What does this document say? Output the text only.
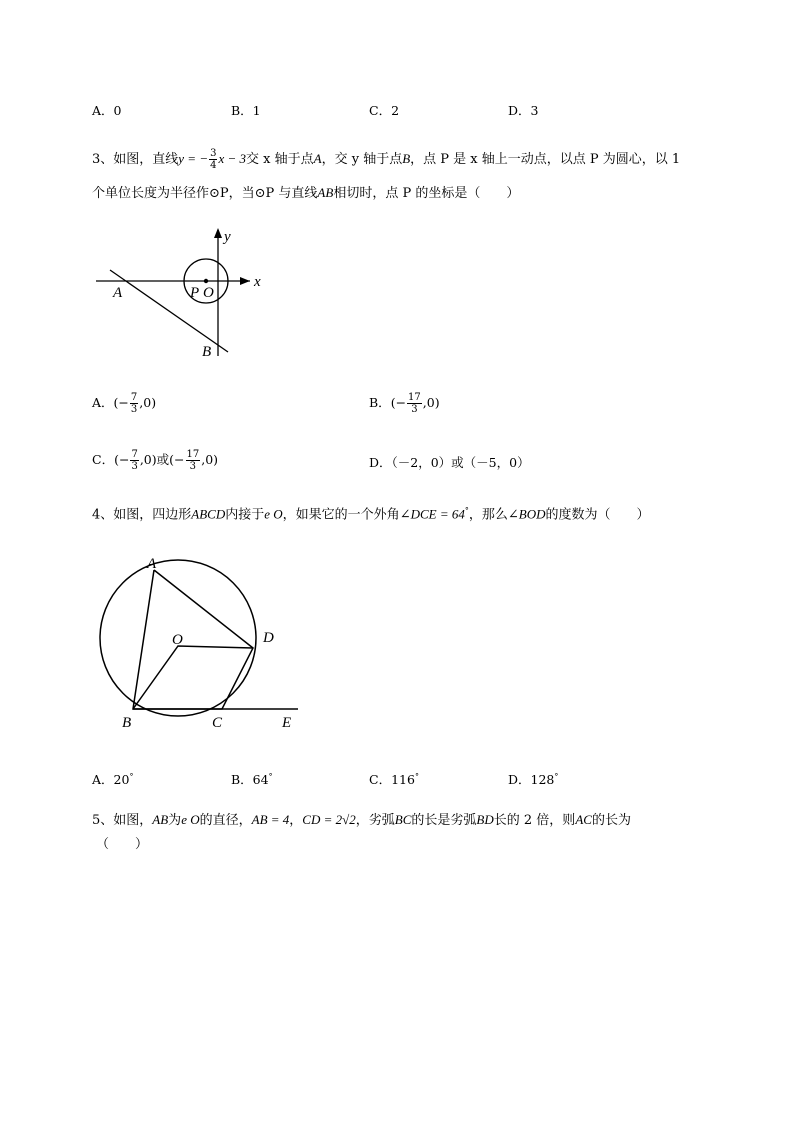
A．0	B．1	C．2	D．3
3、如图，直线y = − $\frac{3}{4}$ x − 3交 x 轴于点A，交 y 轴于点B，点 P 是 x 轴上一动点，以点 P 为圆心，以 1
个单位长度为半径作⊙P，当⊙P 与直线AB相切时，点 P 的坐标是（　　）
y
x
A	P O
B
A．(− $\frac{7}{3} ,0$)	B．(− $\frac{17}{3} ,0$)
C．(− $\frac{7}{3} ,0$)或(− $\frac{17}{3} ,0$)	D．（－2，0）或（－5，0）
4、如图，四边形ABCD内接于e O，如果它的一个外角∠DCE = 64°，那么∠BOD的度数为（　　）
A
O	D
B	C	E
A．20°	B．64°	C．116°	D．128°
5、如图，AB为e O的直径，AB = 4，CD = 2√2，劣弧BC的长是劣弧BD长的 2 倍，则AC的长为
（　　）
